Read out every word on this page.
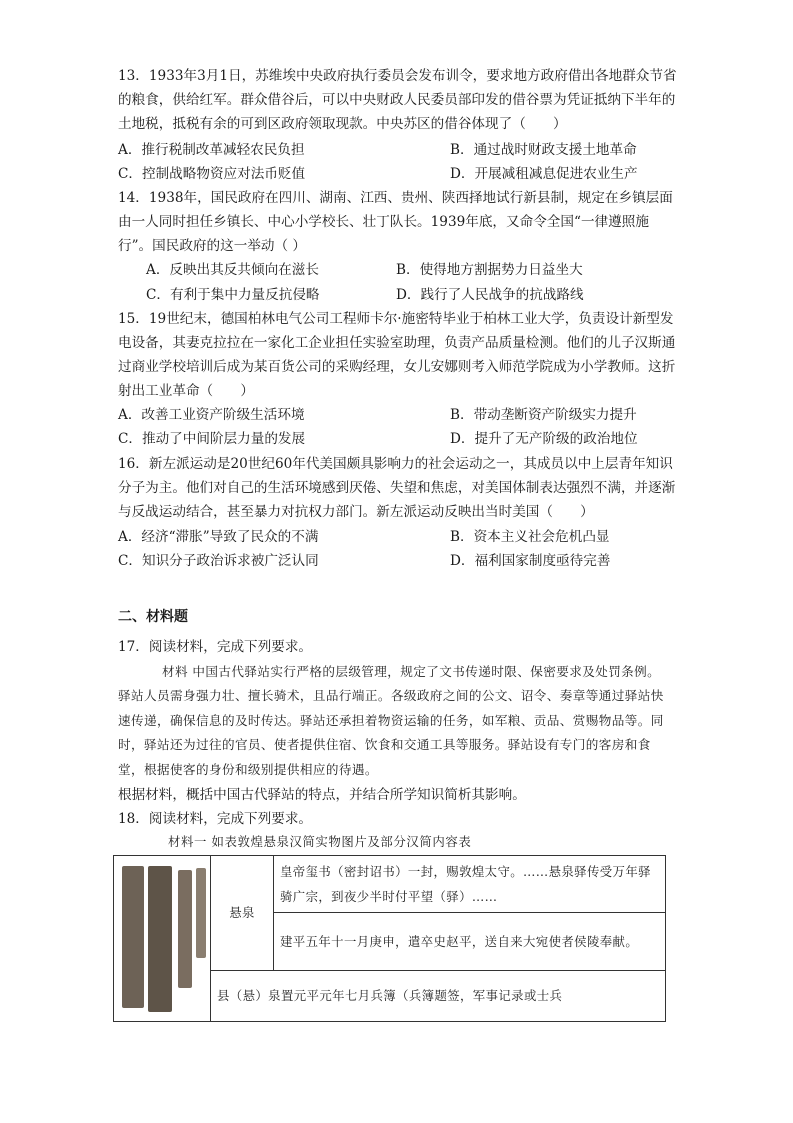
13．1933年3月1日，苏维埃中央政府执行委员会发布训令，要求地方政府借出各地群众节省的粮食，供给红军。群众借谷后，可以中央财政人民委员部印发的借谷票为凭证抵纳下半年的土地税，抵税有余的可到区政府领取现款。中央苏区的借谷体现了（　　）
A．推行税制改革减轻农民负担	B．通过战时财政支援土地革命
C．控制战略物资应对法币贬值	D．开展减租减息促进农业生产
14．1938年，国民政府在四川、湖南、江西、贵州、陕西择地试行新县制，规定在乡镇层面由一人同时担任乡镇长、中心小学校长、壮丁队长。1939年底，又命令全国“一律遵照施行”。国民政府的这一举动（ ）
A．反映出其反共倾向在滋长	B．使得地方割据势力日益坐大
C．有利于集中力量反抗侵略	D．践行了人民战争的抗战路线
15．19世纪末，德国柏林电气公司工程师卡尔·施密特毕业于柏林工业大学，负责设计新型发电设备，其妻克拉拉在一家化工企业担任实验室助理，负责产品质量检测。他们的儿子汉斯通过商业学校培训后成为某百货公司的采购经理，女儿安娜则考入师范学院成为小学教师。这折射出工业革命（　　）
A．改善工业资产阶级生活环境	B．带动垄断资产阶级实力提升
C．推动了中间阶层力量的发展	D．提升了无产阶级的政治地位
16．新左派运动是20世纪60年代美国颇具影响力的社会运动之一，其成员以中上层青年知识分子为主。他们对自己的生活环境感到厌倦、失望和焦虑，对美国体制表达强烈不满，并逐渐与反战运动结合，甚至暴力对抗权力部门。新左派运动反映出当时美国（　　）
A．经济“滞胀”导致了民众的不满	B．资本主义社会危机凸显
C．知识分子政治诉求被广泛认同	D．福利国家制度亟待完善
二、材料题
17．阅读材料，完成下列要求。
材料 中国古代驿站实行严格的层级管理，规定了文书传递时限、保密要求及处罚条例。驿站人员需身强力壮、擅长骑术，且品行端正。各级政府之间的公文、诏令、奏章等通过驿站快速传递，确保信息的及时传达。驿站还承担着物资运输的任务，如军粮、贡品、赏赐物品等。同时，驿站还为过往的官员、使者提供住宿、饮食和交通工具等服务。驿站设有专门的客房和食堂，根据使客的身份和级别提供相应的待遇。
根据材料，概括中国古代驿站的特点，并结合所学知识简析其影响。
18．阅读材料，完成下列要求。
材料一 如表敦煌悬泉汉简实物图片及部分汉简内容表
	悬泉	皇帝玺书（密封诏书）一封，赐敦煌太守。……悬泉驿传受万年驿骑广宗，到夜少半时付平望（驿）……
建平五年十一月庚申，遣卒史赵平，送自来大宛使者侯陵奉献。
县（悬）泉置元平元年七月兵簿（兵簿题签，军事记录或士兵
